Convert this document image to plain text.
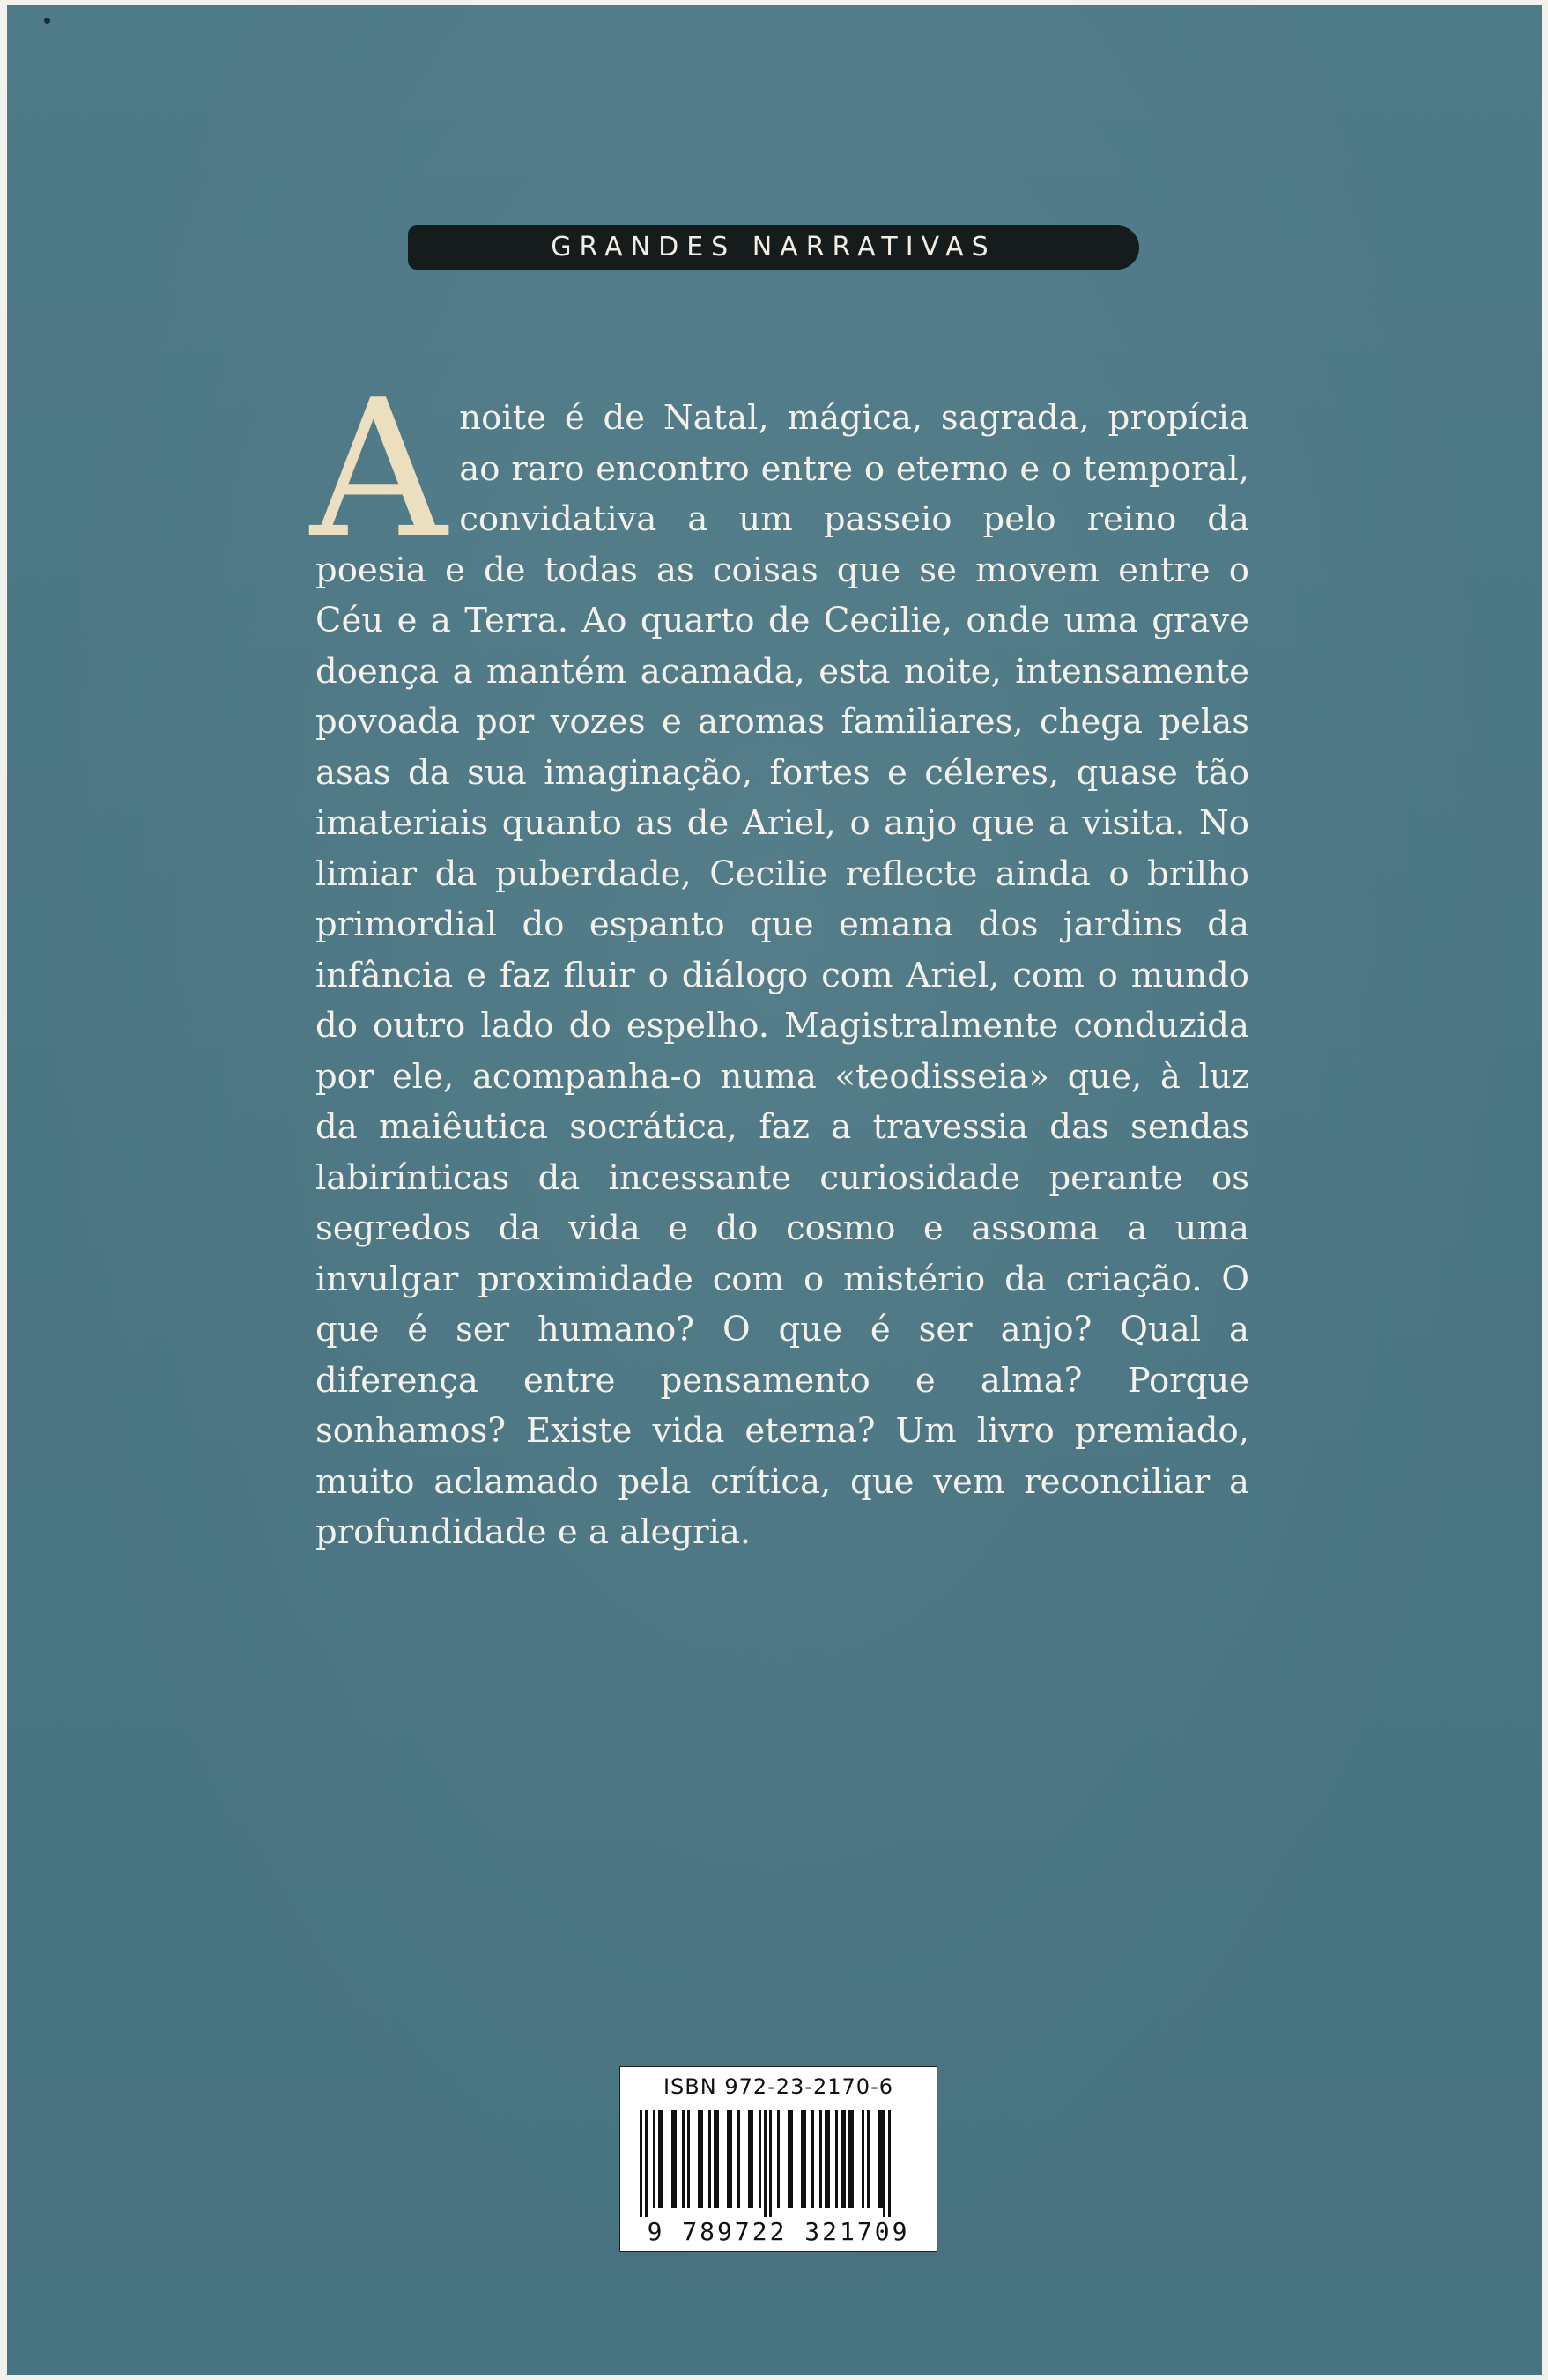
GRANDES NARRATIVAS

A noite é de Natal, mágica, sagrada, propícia ao raro encontro entre o eterno e o temporal, convidativa a um passeio pelo reino da poesia e de todas as coisas que se movem entre o Céu e a Terra. Ao quarto de Cecilie, onde uma grave doença a mantém acamada, esta noite, intensamente povoada por vozes e aromas familiares, chega pelas asas da sua imaginação, fortes e céleres, quase tão imateriais quanto as de Ariel, o anjo que a visita. No limiar da puberdade, Cecilie reflecte ainda o brilho primordial do espanto que emana dos jardins da infância e faz fluir o diálogo com Ariel, com o mundo do outro lado do espelho. Magistralmente conduzida por ele, acompanha-o numa «teodisseia» que, à luz da maiêutica socrática, faz a travessia das sendas labirínticas da incessante curiosidade perante os segredos da vida e do cosmo e assoma a uma invulgar proximidade com o mistério da criação. O que é ser humano? O que é ser anjo? Qual a diferença entre pensamento e alma? Porque sonhamos? Existe vida eterna? Um livro premiado, muito aclamado pela crítica, que vem reconciliar a profundidade e a alegria.

ISBN 972-23-2170-6
9 789722 321709
